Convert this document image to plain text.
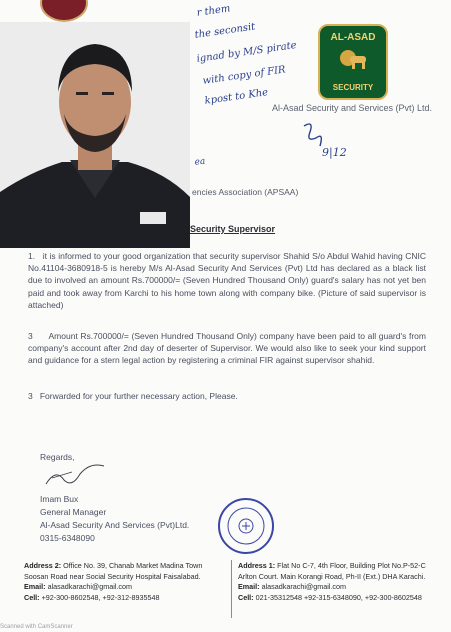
r them
the seconsit
ignad by M/S pirate
with copy of FIR
kpost to Khe
ea
9|12
AL-ASAD
SECURITY
Al-Asad Security and Services (Pvt) Ltd.
encies Association (APSAA)
Security Supervisor
1. it is informed to your good organization that security supervisor Shahid S/o Abdul Wahid having CNIC No.41104-3680918-5 is hereby M/s Al-Asad Security And Services (Pvt) Ltd has declared as a black list due to involved an amount Rs.700000/= (Seven Hundred Thousand Only) guard's salary has not yet ben paid and took away from Karchi to his home town along with company bike. (Picture of said supervisor is attached)
3 Amount Rs.700000/= (Seven Hundred Thousand Only) company have been paid to all guard's from company's account after 2nd day of deserter of Supervisor. We would also like to seek your kind support and guidance for a stern legal action by registering a criminal FIR against supervisor shahid.
3 Forwarded for your further necessary action, Please.
Regards,
Imam Bux
General Manager
Al-Asad Security And Services (Pvt)Ltd.
0315-6348090
Address 2: Office No. 39, Chanab Market Madina Town
Soosan Road near Social Security Hospital Faisalabad.
Email: alasadkarachi@gmail.com
Cell: +92-300-8602548, +92-312-8935548
Address 1: Flat No C-7, 4th Floor, Building Plot No.P-52-C
Arlton Court. Main Korangi Road, Ph-II (Ext.) DHA Karachi.
Email: alasadkarachi@gmail.com
Cell: 021-35312548 +92-315-6348090, +92-300-8602548
Scanned with CamScanner
